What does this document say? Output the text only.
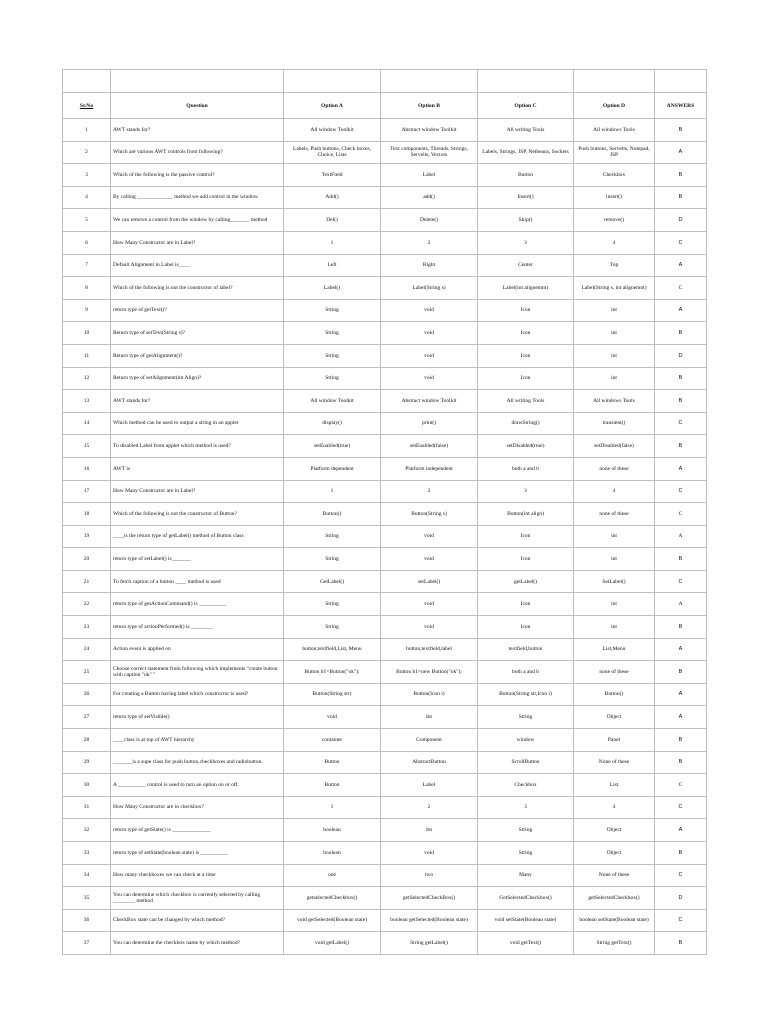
Sr.No	Question	Option A	Option B	Option C	Option D	ANSWERS
1	AWT stands for?	All window Toolkit	Abstract window Toolkit	All writing Tools	All windows Tools	B
2	Which are various AWT controls from following?	Labels, Push buttons, Check boxes, Choice, Lists	Text components, Threads, Strings, Servelts, Vectors	Labels, Strings, JSP, Netbeans, Sockets	Push buttons, Servelts, Notepad, JSP	A
3	Which of the following is the passive control?	TextField	Label	Button	Checkbox	B
4	By calling _____________ method we add control in the window.	Add()	add()	Insert()	insert()	B
5	We can remove a control from the window by calling_______ method	Del()	Delete()	Skip()	remove()	D
6	How Many Constructor are in Label?	1	2	3	4	C
7	Default Alignment in Label is____	Left	Right	Center	Top	A
8	Which of the following is not the constructor of label?	Label()	Label(String s)	Label(int alignemnt)	Label(String s, int alignemnt)	C
9	return type of getText()?	String	void	Icon	int	A
10	Return type of setText(String s)?	String	void	Icon	int	B
11	Return type of getAlignment()?	String	void	Icon	int	D
12	Return type of setAlignment(int Align)?	String	void	Icon	int	B
13	AWT stands for?	All window Toolkit	Abstract window Toolkit	All writing Tools	All windows Tools	B
14	Which method can be used to output a string in an applet	display()	print()	drawString()	transient()	C
15	To disabled Label from applet which method is used?	setEnabled(true)	setEnabled(false)	setDisabled(true)	setDisabled(false)	B
16	AWT is	Platform dependent	Platform independent	both a and b	none of these	A
17	How Many Constructor are in Label?	1	2	3	4	C
18	Which of the following is not the constructor of Button?	Button()	Button(String s)	Button(int align)	none of these	C
19	____is the return type of getLabel() method of Button class	String	void	Icon	int	A
20	return type of setLabel() is_______	String	void	Icon	int	B
21	To fetch caption of a button ____ method is used	GetLabel()	setLabel()	getLabel()	SetLabel()	C
22	return type of getActionCommand() is __________	String	void	Icon	int	A
23	return type of actionPerformed() is ________	String	void	Icon	int	B
24	Action event is applied on	button,textfield,List, Menu	button,textfield,label	textfield,button	List,Menu	A
25	Choose correct statement from following which implements "create button with caption "ok" "	Button b1=Button("ok");	Button b1=new Button("ok");	both a and b	none of these	B
26	For creating a Button having label which constructor is used?	Button(String str)	Button(Icon i)	Button(String str,Icon i)	Button()	A
27	return type of setVisible()	void	Int	String	Object	A
28	____class is at top of AWT hierarchy	container	Component	window	Panel	B
29	_______is a supe class for push button,checkboxes and radiobutton.	Button	AbstractButton	ScrollButton	None of these	B
30	A __________ control is used to turn an option on or off.	Button	Label	Checkbox	List	C
31	How Many Constructor are in checkbox?	1	2	3	4	C
32	return type of getState() is ______________	boolean	Int	String	Object	A
33	return type of setState(boolean state) is __________	boolean	void	String	Object	B
34	How many checkboxes we can check at a time	one	two	Many	None of these	C
35	You can determine which checkbox is currently selected by calling ________ method	getselectedCheckbox()	getSelectedCheckBox()	GetSelectedCheckbox()	getSelectedCheckbox()	D
36	CheckBox state can be changed by which method?	void getSelected(Boolean state)	boolean getSelected(Boolean state)	void setState(Boolean state)	boolean setState(Boolean state)	C
37	You can determine the checkbox name by which method?	void getLabel()	String getLabel()	void getText()	String getText()	B
